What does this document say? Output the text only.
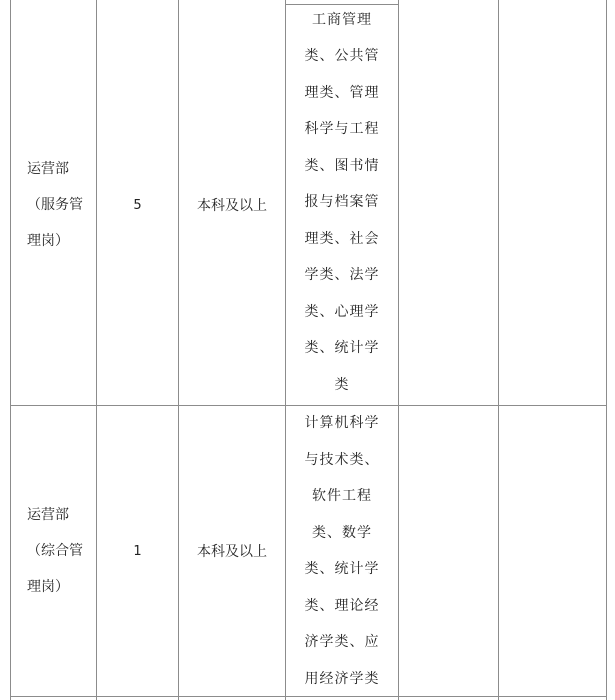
运营部
（服务管
理岗）
5	本科及以上
工商管理
类、公共管
理类、管理
科学与工程
类、图书情
报与档案管
理类、社会
学类、法学
类、心理学
类、统计学
类
运营部
（综合管
理岗）
1	本科及以上
计算机科学
与技术类、
软件工程
类、数学
类、统计学
类、理论经
济学类、应
用经济学类
